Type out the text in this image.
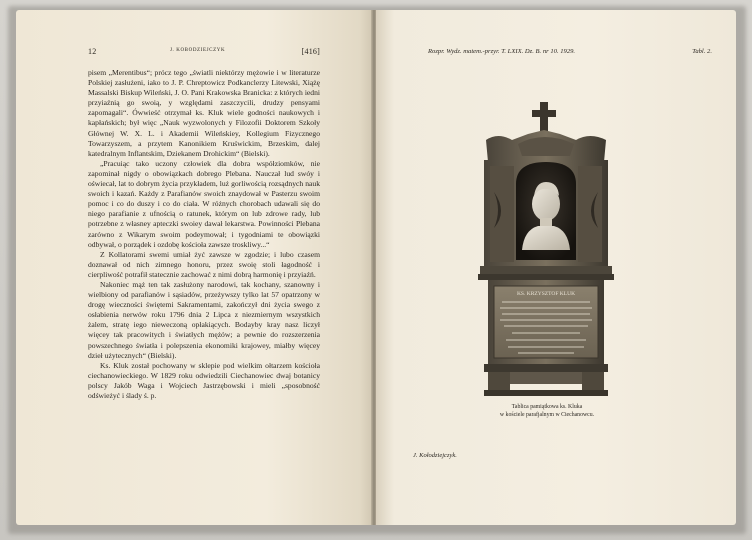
12	J. KOBODZIEJCZYK	[416]

pisem „Merentibus“; prócz tego „światli niektórzy mężowie i w literaturze Polskiej zasłużeni, iako to J. P. Chreptowicz Podkanclerzy Litewski, Xiążę Massalski Biskup Wileński, J. O. Pani Krakowska Branicka: z których iedni przyiaźnią go swoią, y względami zaszczycili, drudzy pensyami zapomagali“. Ówwieść otrzymał ks. Kluk wiele godności naukowych i kapłańskich; był więc „Nauk wyzwolonych y Filozofii Doktorem Szkoły Głównej W. X. L. i Akademii Wileńskiey, Kollegium Fizycznego Towarzyszem, a przytem Kanonikiem Kruświckim, Brzeskim, dalej katedralnym Inflantskim, Dziekanem Drohickim“ (Bielski).

„Pracuiąc tako uczony człowiek dla dobra współziomków, nie zapominał nigdy o obowiązkach dobrego Plebana. Nauczał lud swóy i oświecał, lat to dobrym życia przykładem, luż gorliwością rozsądnych nauk swoich i kazań. Każdy z Parafianów swoich znaydował w Pasterzu swoim pomoc i co do duszy i co do ciała. W różnych chorobach udawali się do niego parafianie z ufnością o ratunek, którym on lub zdrowe rady, lub potrzebne z własney apteczki swoiey dawał lekarstwa. Powinności Plebana zarówno z Wikarym swoim podeymował; i tygodniami te obowiązki odbywał, o porządek i ozdobę kościoła zawsze troskliwy...“

Z Kollatorami swemi umiał żyć zawsze w zgodzie; i lubo czasem doznawał od nich zimnego honoru, przez swoię stoli łagodność i cierpliwość potrafił statecznie zachować z nimi dobrą harmonię i przyiaźń.

Nakoniec mąż ten tak zasłużony narodowi, tak kochany, szanowny i wielbiony od parafianów i sąsiadów, przeżywszy tylko lat 57 opatrzony w drogę wieczności świętemi Sakramentami, zakończył dni życia swego z osłabienia nerwów roku 1796 dnia 2 Lipca z niezmiernym wszystkich żalem, stratę iego nieweczoną opłakiących. Bodayby kray nasz liczył więcey tak pracowitych i światłych mężów; a pewnie do rozszerzenia powszechnego światła i polepszenia ekonomiki krajowey, miałby więcey dzieł użytecznych“ (Bielski).

Ks. Kluk został pochowany w sklepie pod wielkim ołtarzem kościoła ciechanowieckiego. W 1829 roku odwiedzili Ciechanowiec dwaj botanicy polscy Jakób Waga i Wojciech Jastrzębowski i mieli „sposobność odświeżyć i ślady ś. p.

Rozpr. Wydz. matem.-przyr. T. LXIX. Dz. B. nr 10. 1929.	Tabl. 2.
KS. KRZYSZTOF KLUK
Tablica pamiątkowa ks. Kluka
w kościele parafjalnym w Ciechanowcu.
J. Kołodziejczyk.
